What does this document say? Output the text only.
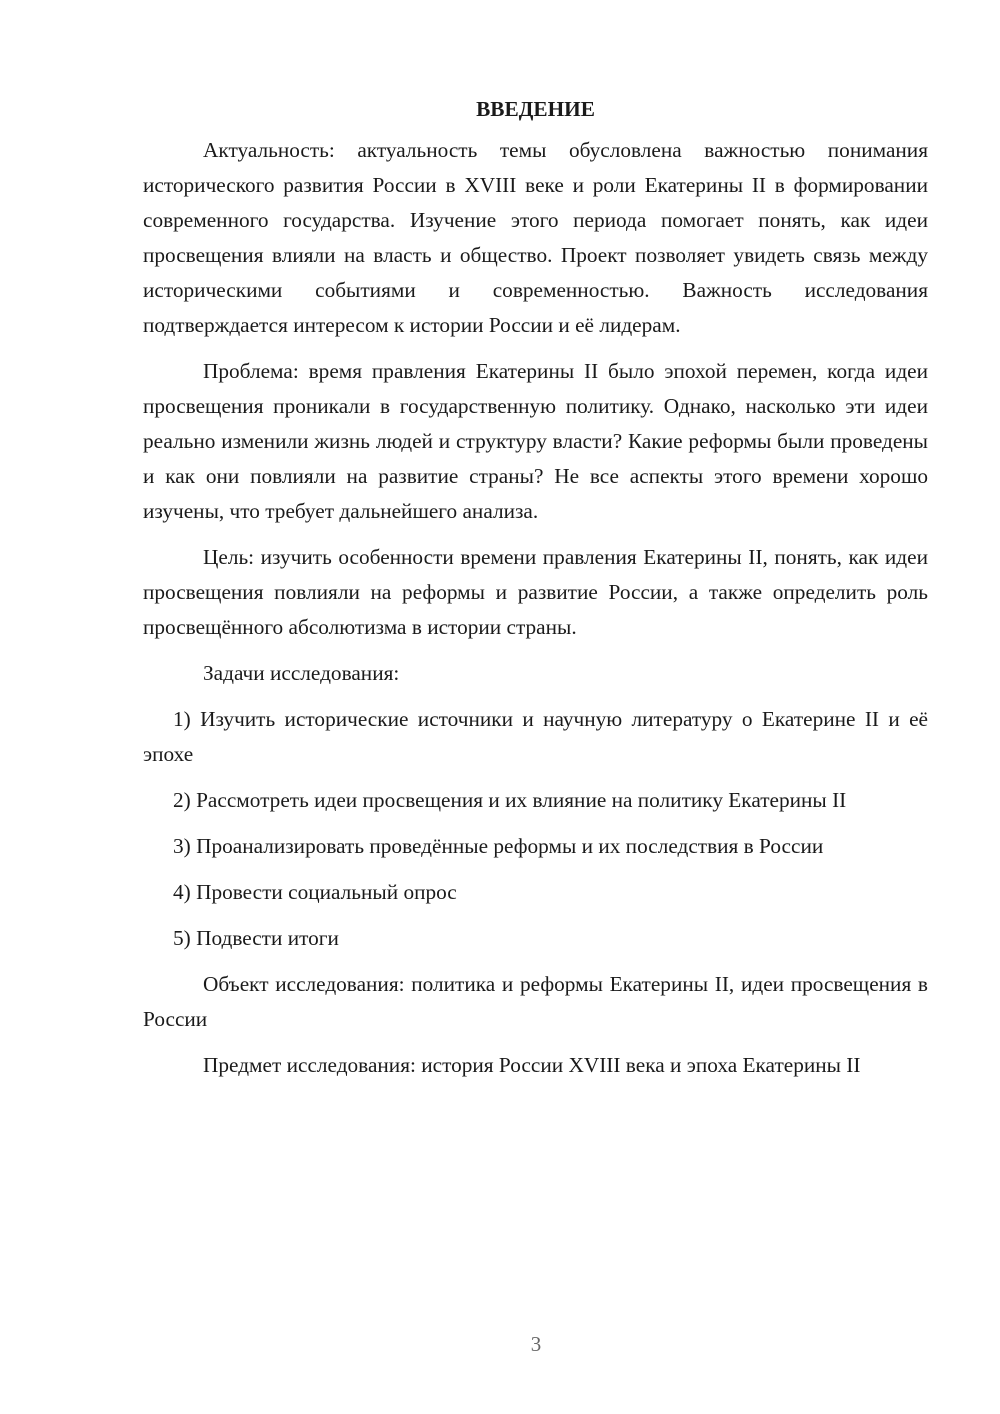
ВВЕДЕНИЕ

Актуальность: актуальность темы обусловлена важностью понимания исторического развития России в XVIII веке и роли Екатерины II в формировании современного государства. Изучение этого периода помогает понять, как идеи просвещения влияли на власть и общество. Проект позволяет увидеть связь между историческими событиями и современностью. Важность исследования подтверждается интересом к истории России и её лидерам.

Проблема: время правления Екатерины II было эпохой перемен, когда идеи просвещения проникали в государственную политику. Однако, насколько эти идеи реально изменили жизнь людей и структуру власти? Какие реформы были проведены и как они повлияли на развитие страны? Не все аспекты этого времени хорошо изучены, что требует дальнейшего анализа.

Цель: изучить особенности времени правления Екатерины II, понять, как идеи просвещения повлияли на реформы и развитие России, а также определить роль просвещённого абсолютизма в истории страны.

Задачи исследования:

1) Изучить исторические источники и научную литературу о Екатерине II и её эпохе

2) Рассмотреть идеи просвещения и их влияние на политику Екатерины II

3) Проанализировать проведённые реформы и их последствия в России

4) Провести социальный опрос

5) Подвести итоги

Объект исследования: политика и реформы Екатерины II, идеи просвещения в России

Предмет исследования: история России XVIII века и эпоха Екатерины II

3
